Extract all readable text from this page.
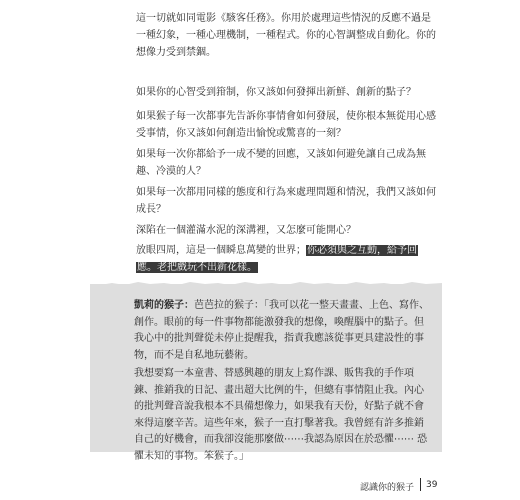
這一切就如同電影《駭客任務》。你用於處理這些情況的反應不過是一種幻象，一種心理機制，一種程式。你的心智調整成自動化。你的想像力受到禁錮。

如果你的心智受到箝制，你又該如何發揮出新鮮、創新的點子？

如果猴子每一次都事先告訴你事情會如何發展，使你根本無從用心感受事情，你又該如何創造出愉悅或驚喜的一刻？

如果每一次你都給予一成不變的回應，又該如何避免讓自己成為無趣、冷漠的人？

如果每一次都用同樣的態度和行為來處理問題和情況，我們又該如何成長？

深陷在一個灌滿水泥的深溝裡，又怎麼可能開心？

放眼四周，這是一個瞬息萬變的世界；你必須與之互動，給予回
應。老把戲玩不出新花樣。

凱莉的猴子：芭芭拉的猴子：「我可以花一整天畫畫、上色、寫作、創作。眼前的每一件事物都能激發我的想像，喚醒腦中的點子。但我心中的批判聲從未停止提醒我，指責我應該從事更具建設性的事物，而不是自私地玩藝術。

我想要寫一本童書、替感興趣的朋友上寫作課、販售我的手作項鍊、推銷我的日記、畫出超大比例的牛，但總有事情阻止我。內心的批判聲音說我根本不具備想像力，如果我有天份，好點子就不會來得這麼辛苦。這些年來，猴子一直打擊著我。我曾經有許多推銷自己的好機會，而我卻沒能那麼做⋯⋯我認為原因在於恐懼⋯⋯ 恐懼未知的事物。笨猴子。」

認識你的猴子 39
